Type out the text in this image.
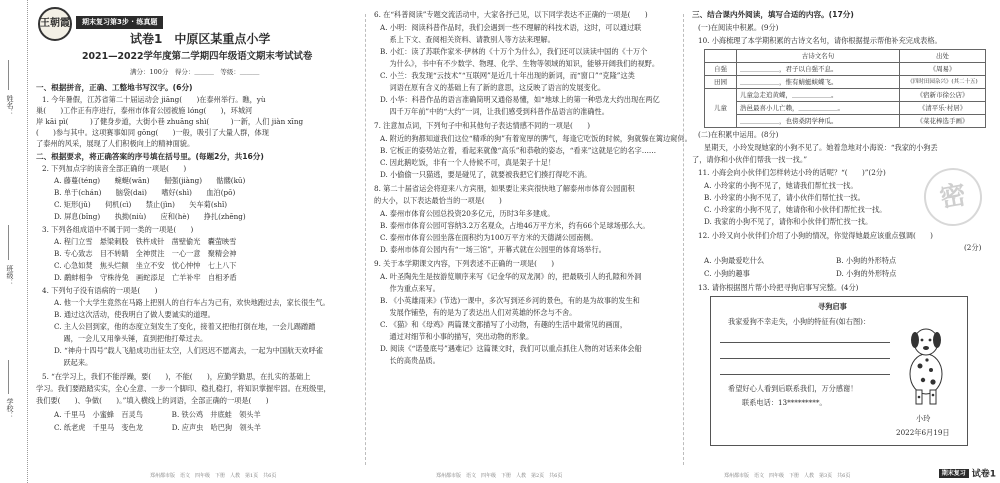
姓名：
班级：
学校：
王朝霞	期末复习第3步 · 练真题
试卷1　中原区某重点小学
2021—2022学年度第二学期四年级语文期末考试试卷
满分：100分　得分：＿＿＿　等级：＿＿＿
一、根据拼音，正确、工整地书写汉字。(6分)
1. 今年暑假，江苏省第二十届运动会 jiāng(　　)在泰州举行。瞧，yù
巢(　　)工作正有序进行，泰州市体育公园被施 lóng(　　)，环城河
岸 kāi pì(　　　)了健身步道，大街小巷 zhuāng shì(　　　)一新，人们 jiàn xīng
(　　)参与其中。这项赛事如同 gōng(　　)一般，吸引了大量人群，体现
了泰州的风采，展现了人们积极向上的精神面貌。
二、根据要求，将正确答案的序号填在括号里。(每题2分，共16分)
2. 下列加点字的读音全部正确的一项是(　　)
A. 藤蔓(téng)　　 蜿蜒(wān)　　 倔强(jiàng)　　 骷髅(kū)
B. 单于(chán)　　 脑袋(dai)　　 嗜好(shì)　　 血泊(pō)
C. 矩形(jǔ)　　 伺机(cì)　　 禁止(jìn)　　 矢车菊(shǐ)
D. 屏息(bǐng)　　 执拗(niù)　　 应和(hè)　　 挣扎(zhēng)
3. 下列各组成语中不属于同一类的一项是(　　)
A. 程门立雪　 悬梁刺股　 铁杵成针　 凿壁偷光　 囊萤映雪
B. 专心致志　 目不转睛　 全神贯注　 一心一意　 聚精会神
C. 心急如焚　 焦头烂额　 坐立不安　 忧心忡忡　 七上八下
D. 鹬蚌相争　 守株待兔　 画蛇添足　 亡羊补牢　 自相矛盾
4. 下列句子没有语病的一项是(　　)
A. 他一个大学生竟然在马路上把别人的自行车占为己有，欢快地跑过去，家长很生气。
B. 通过这次活动，使我明白了做人要诚实的道理。
C. 主人公回到家，他的态度立刻发生了变化，接着又把他打倒在地，一会儿踢蹭蹭
　 踢，一会儿又用拳头锤，直到把他打晕过去。
D. “神舟十四号”载人飞船成功出征太空，人们迟迟不愿离去，一起为中国航天欢呼雀
　 跃起来。
5. “在学习上，我们不能浮躁，要(　　)，不能(　　)，应勤学勤思，在扎实的基础上
学习。我们要踏踏实实，全心全意、一步一个脚印、稳扎稳打，将知识掌握牢固。在班级里，
我们要(　　)、争做(　　)。”填入横线上的词语，全部正确的一项是(　　)
A. 千里马　 小蜜蜂　 百灵鸟　　　　	B. 铁公鸡　 井底蛙　 领头羊
C. 纸老虎　 千里马　 变色龙　　　　	D. 应声虫　 哈巴狗　 领头羊
郑州都市版　语文　四年级　下册　人教　第1页　共6页
6. 在“科普阅读”专题交流活动中，大家各抒己见，以下同学表达不正确的一项是(　　)
A. 小明：阅读科普作品时，我们会遇到一些不理解的科技术语，这时，可以通过联
　 系上下文、查阅相关资料、请教别人等方法来理解。
B. 小红：读了苏联作家米·伊林的《十万个为什么》，我们还可以读读中国的《十万个
　 为什么》，书中有不少数学、物理、化学、生物等领域的知识，能够开阔我们的视野。
C. 小兰：我发现“云技术”“互联网”是近几十年出现的新词，而“窗口”“克隆”这类
　 词语在原有含义的基础上有了新的意思，这反映了语言的发展变化。
D. 小华：科普作品的语言准确简明又通俗易懂，如“地球上的第一种恐龙大约出现在两亿
　 四千万年前”中的“大约”一词，让我们感受到科普作品语言的准确性。
7. 注意加点词，下列句子中和其他句子表达情感不同的一项是(　　)
A. 附近的狗都知道我们这位“精乖的狗”有着宽厚的脾气，每逢它吃饭的时候，狗就躲在篱边窥伺。
B. 它板正的姿势站立着，看起来就像“高乐”和恭敬的姿态，“看来”这就是它的名字……
C. 因此鹅吃饭，非有一个人侍候不可，真是架子十足！
D. 小偷偷一只猫逃，要是碰见了，就要被我把它们揍打得吃不消。
8. 第二十届省运会将迎来八方宾朋，如果要让来宾很快地了解泰州市体育公园面积
的大小，以下表达最恰当的一项是(　　)
A. 泰州市体育公园总投资20多亿元，历时3年多建成。
B. 泰州市体育公园可容纳3.2万名观众，占地46万平方米，约有66个足球场那么大。
C. 泰州市体育公园坐落在面积约为100万平方米的天德湖公园南侧。
D. 泰州市体育公园内有“一场三馆”，开幕式就在公园里的体育场举行。
9. 关于本学期课文内容，下列表述不正确的一项是(　　)
A. 叶圣陶先生是按游览顺序来写《记金华的双龙洞》的，把最吸引人的孔隙和外洞
　 作为重点来写。
B. 《小英雄雨来》(节选)一课中，多次写到还乡河的景色，有的是为故事的发生和
　 发展作铺垫，有的是为了表达出人们对英雄的怀念与不舍。
C. 《猫》和《母鸡》两篇课文都描写了小动物，有趣的生活中最常见的画面，
　 通过对细节和小事的描写，突出动物的形象。
D. 阅读《“诺曼底号”遇难记》这篇课文时，我们可以重点抓住人物的对话来体会船
　 长的高贵品质。
郑州都市版　语文　四年级　下册　人教　第2页　共6页
三、结合课内外阅读，填写合适的内容。(17分)
(一)在阅读中积累。(9分)
10. 小海梳理了本学期积累的古诗文名句，请你根据提示帮他补充完成表格。
	古诗文名句	出处
自强	＿＿＿＿＿＿，君子以自强不息。	《周易》
田园	＿＿＿＿＿＿，惟有蜻蜓蛱蝶飞。	《四时田园杂兴》(其二十五)
儿童	儿童急走追黄蝶，＿＿＿＿＿＿。	《宿新市徐公店》
	浩邑最喜小儿亡赖，＿＿＿＿＿＿。	《清平乐·村居》
	＿＿＿＿＿＿，也傍桑阴学种瓜。	《菜花棒选手画》
(二)在积累中运用。(8分)
星期天，小玲发现她家的小狗不见了。她着急地对小海说：“我家的小狗丢
了，请你和小伙伴们帮我一找一找。”
11. 小海会向小伙伴们怎样转达小玲的话呢？“(　　)”(2分)
A. 小玲家的小狗不见了，她请我们帮忙找一找。
B. 小玲家的小狗不见了，请小伙伴们帮忙找一找。
C. 小玲家的小狗不见了，她请你和小伙伴们帮忙找一找。
D. 我家的小狗不见了，请你和小伙伴们帮忙找一找。
密
12. 小玲又向小伙伴们介绍了小狗的情况，你觉得她最应该重点强调(　　)
(2分)
A. 小狗最爱吃什么　　　　　　　　　　	B. 小狗的外形特点
C. 小狗的趣事　　　　　　　　　　　　	D. 小狗的外形特点
13. 请你根据图片帮小玲把寻狗启事写完整。(4分)
寻狗启事
我家爱狗不幸走失，小狗的特征有(如右图)：
希望好心人看到后联系我们，万分感谢！
联系电话：13*********。
小玲
2022年6月19日
郑州都市版　语文　四年级　下册　人教　第3页　共6页	期末复习 试卷1
